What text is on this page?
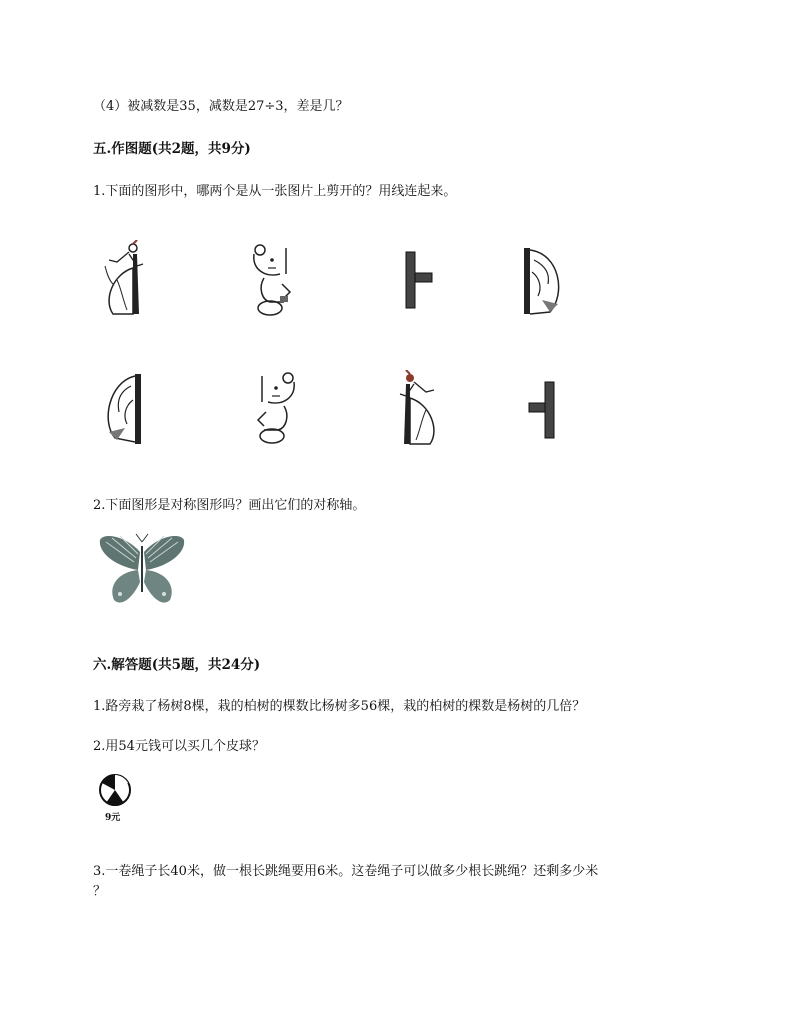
（4）被减数是35，减数是27÷3，差是几？
五.作图题(共2题，共9分)
1.下面的图形中，哪两个是从一张图片上剪开的？用线连起来。
2.下面图形是对称图形吗？画出它们的对称轴。
六.解答题(共5题，共24分)
1.路旁栽了杨树8棵，栽的柏树的棵数比杨树多56棵，栽的柏树的棵数是杨树的几倍？
2.用54元钱可以买几个皮球？
9元
3.一卷绳子长40米，做一根长跳绳要用6米。这卷绳子可以做多少根长跳绳？还剩多少米
？
